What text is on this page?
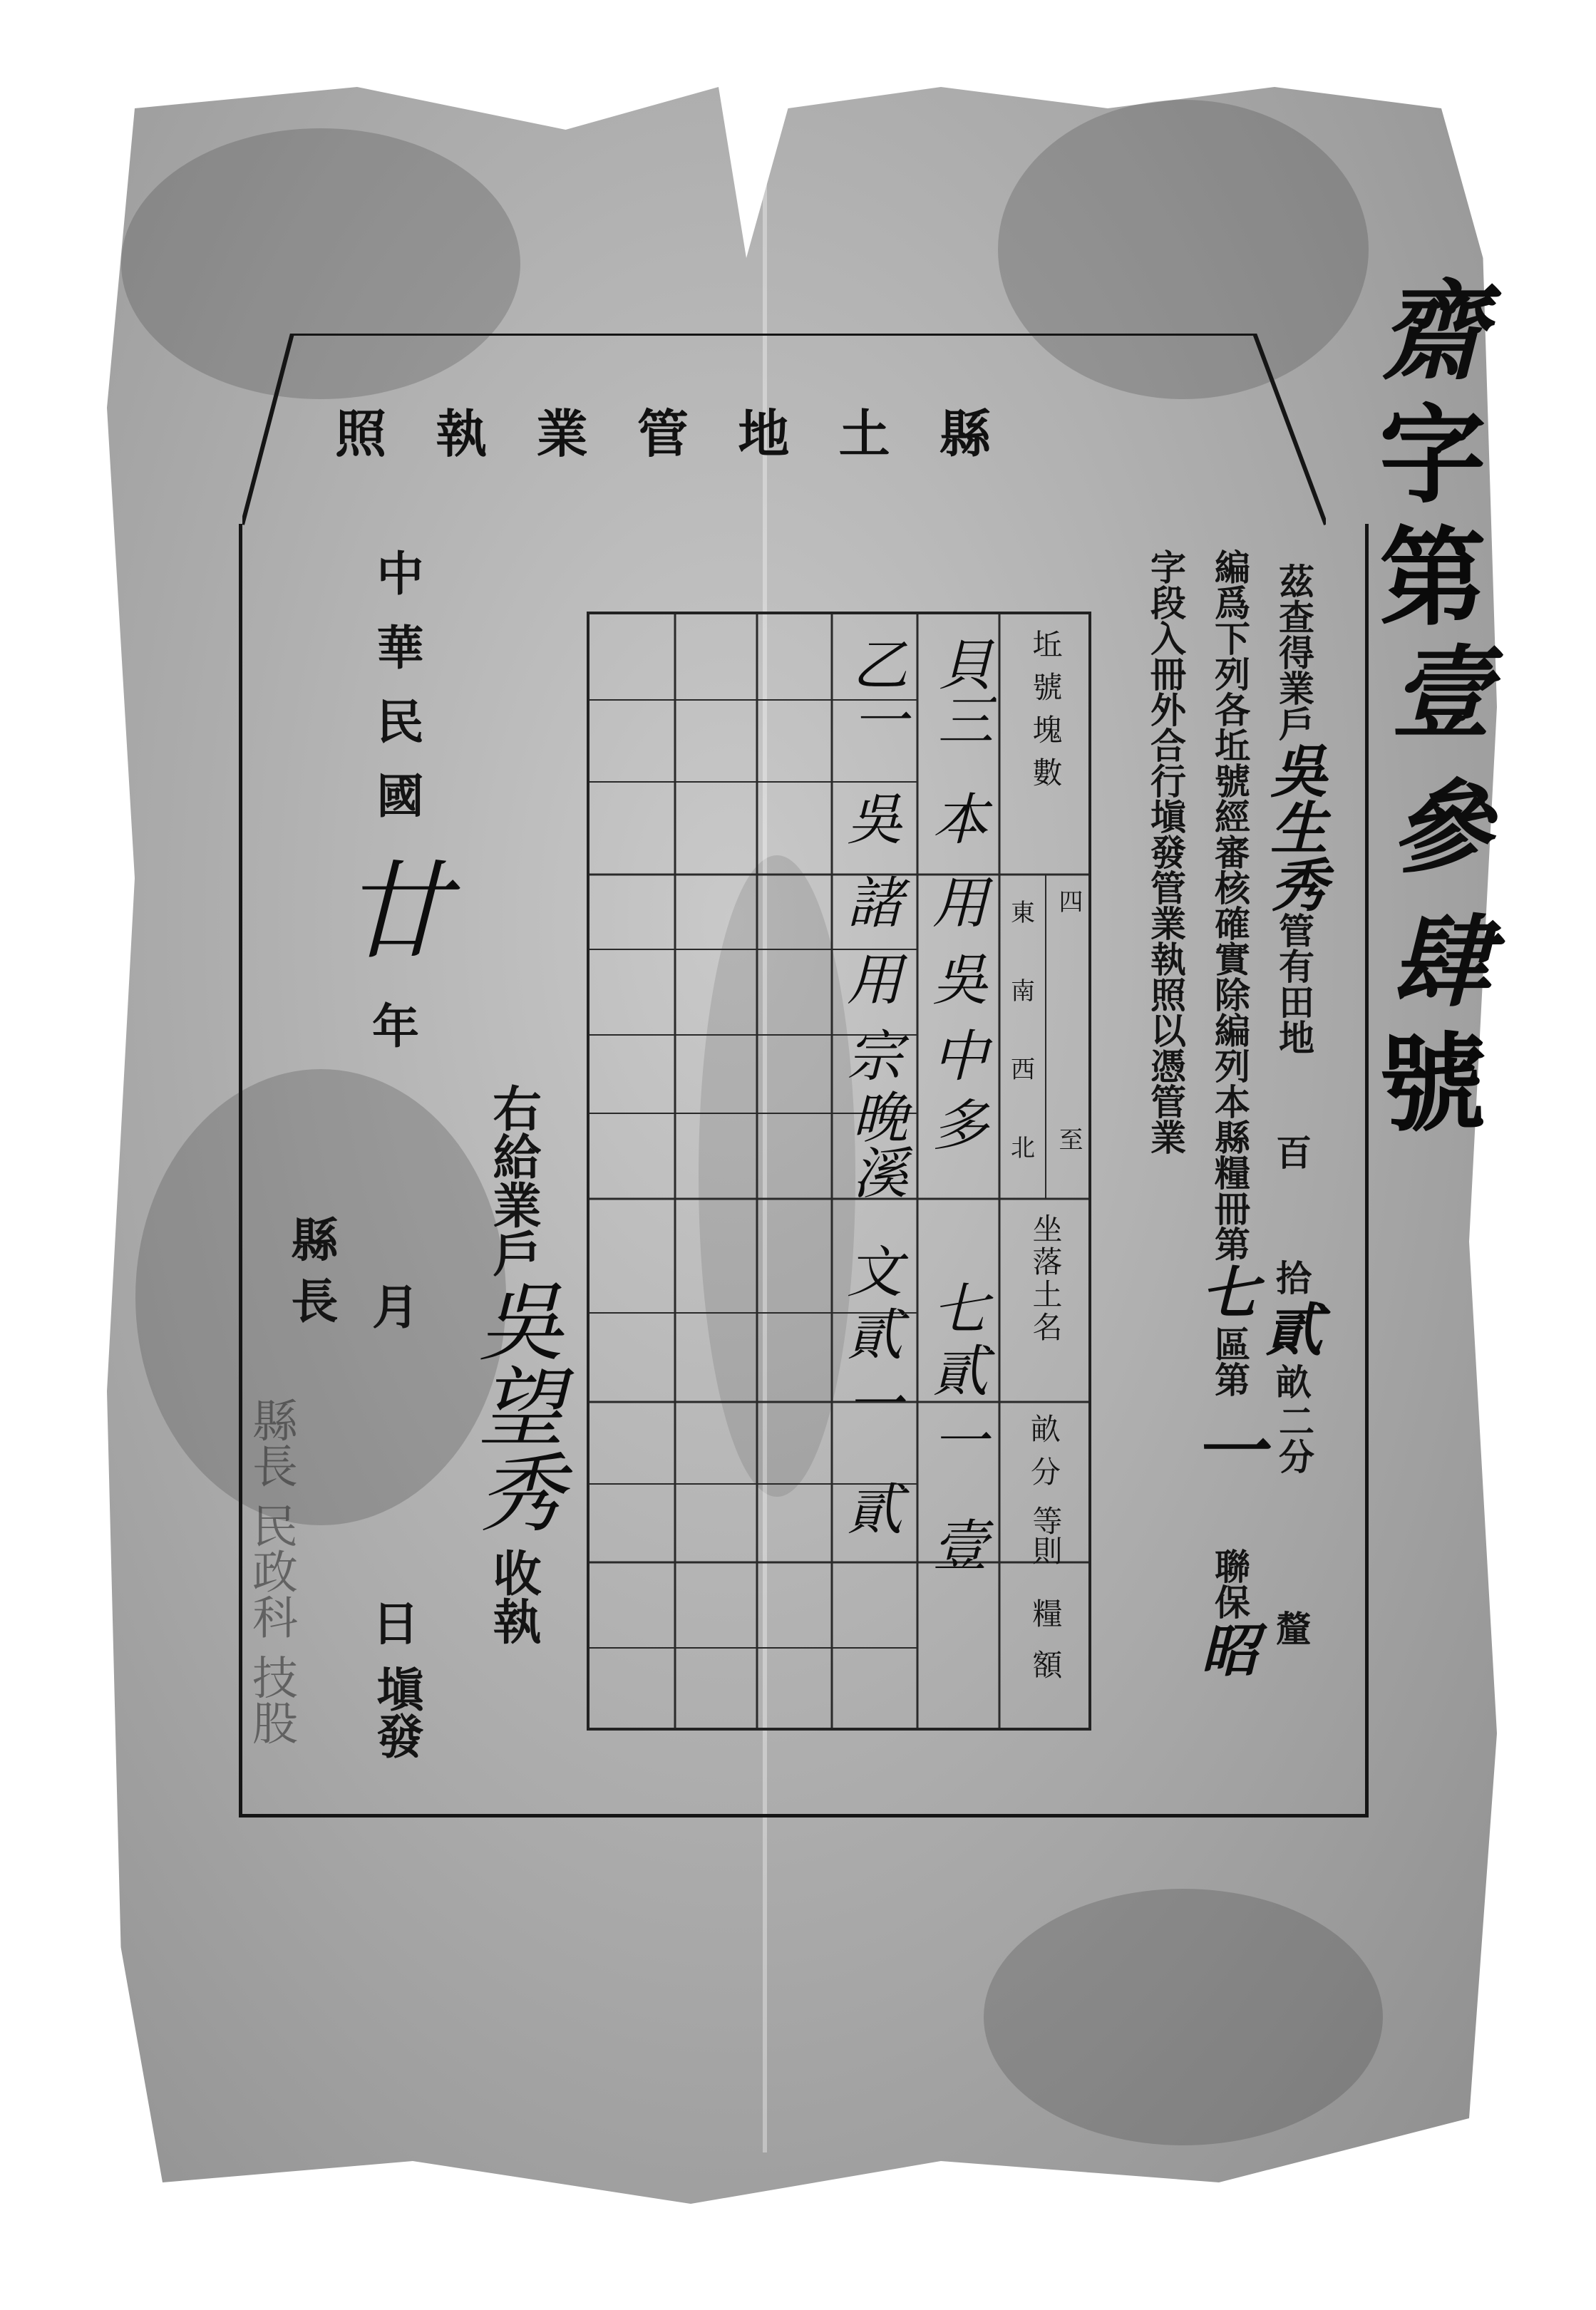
照 執 業 管 地 土 縣
齋
字
第
壹 參 肆
號
茲查得業戶
吳生秀
管有田地
百
拾
貳
畝
二分
釐
編爲下列各坵號經審核確實除編列本縣糧冊第
七
區第
一
聯保
昭
字段入冊外合行塡發管業執照以憑管業
坵號塊數
四至
東
南
西
北
坐落土名
畝
分
等則
糧額
貝三
本
用
吳
中
多
七
貳
一
壹
乙一
吳
諸
用
宗
晚溪
文
貳
一
貳
右給業戶
吳望秀
收執
中華民國
廿
年
月
日
塡發
縣長
縣長 民政科 技股
